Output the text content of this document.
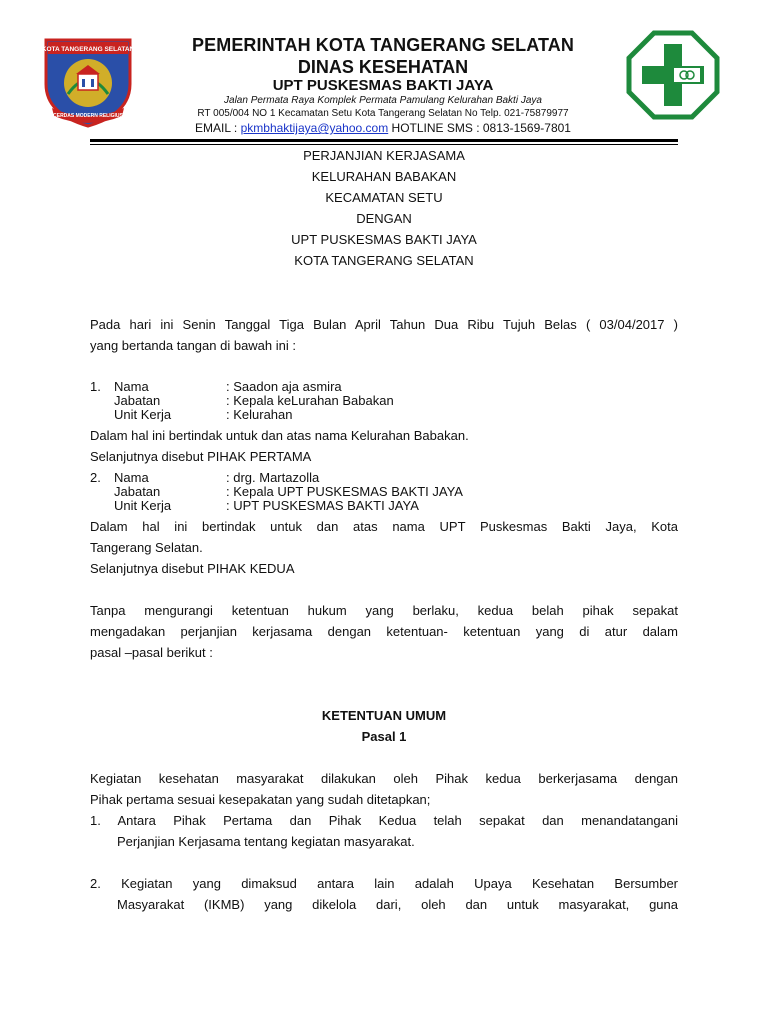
KOTA TANGERANG SELATAN
CERDAS MODERN RELIGIUS
PEMERINTAH KOTA TANGERANG SELATAN
DINAS KESEHATAN
UPT PUSKESMAS BAKTI JAYA
Jalan Permata Raya Komplek Permata Pamulang Kelurahan Bakti Jaya
RT 005/004 NO 1 Kecamatan Setu Kota Tangerang Selatan No Telp. 021-75879977
EMAIL : pkmbhaktijaya@yahoo.com HOTLINE SMS : 0813-1569-7801
PERJANJIAN KERJASAMA
KELURAHAN BABAKAN
KECAMATAN SETU
DENGAN
UPT PUSKESMAS BAKTI JAYA
KOTA TANGERANG SELATAN
Pada hari ini Senin Tanggal Tiga Bulan April Tahun Dua Ribu Tujuh Belas ( 03/04/2017 )
yang bertanda tangan di bawah ini :
1. Nama	: Saadon aja asmira
Jabatan	: Kepala keLurahan Babakan
Unit Kerja	: Kelurahan
Dalam hal ini bertindak untuk dan atas nama Kelurahan Babakan.
Selanjutnya disebut PIHAK PERTAMA
2. Nama	: drg. Martazolla
Jabatan	: Kepala UPT PUSKESMAS BAKTI JAYA
Unit Kerja	: UPT PUSKESMAS BAKTI JAYA
Dalam hal ini bertindak untuk dan atas nama UPT Puskesmas Bakti Jaya, Kota
Tangerang Selatan.
Selanjutnya disebut PIHAK KEDUA
Tanpa mengurangi ketentuan hukum yang berlaku, kedua belah pihak sepakat
mengadakan perjanjian kerjasama dengan ketentuan- ketentuan yang di atur dalam
pasal –pasal berikut :
KETENTUAN UMUM
Pasal 1
Kegiatan kesehatan masyarakat dilakukan oleh Pihak kedua berkerjasama dengan
Pihak pertama sesuai kesepakatan yang sudah ditetapkan;
1. Antara Pihak Pertama dan Pihak Kedua telah sepakat dan menandatangani
Perjanjian Kerjasama tentang kegiatan masyarakat.
2. Kegiatan yang dimaksud antara lain adalah Upaya Kesehatan Bersumber
Masyarakat (IKMB) yang dikelola dari, oleh dan untuk masyarakat, guna
